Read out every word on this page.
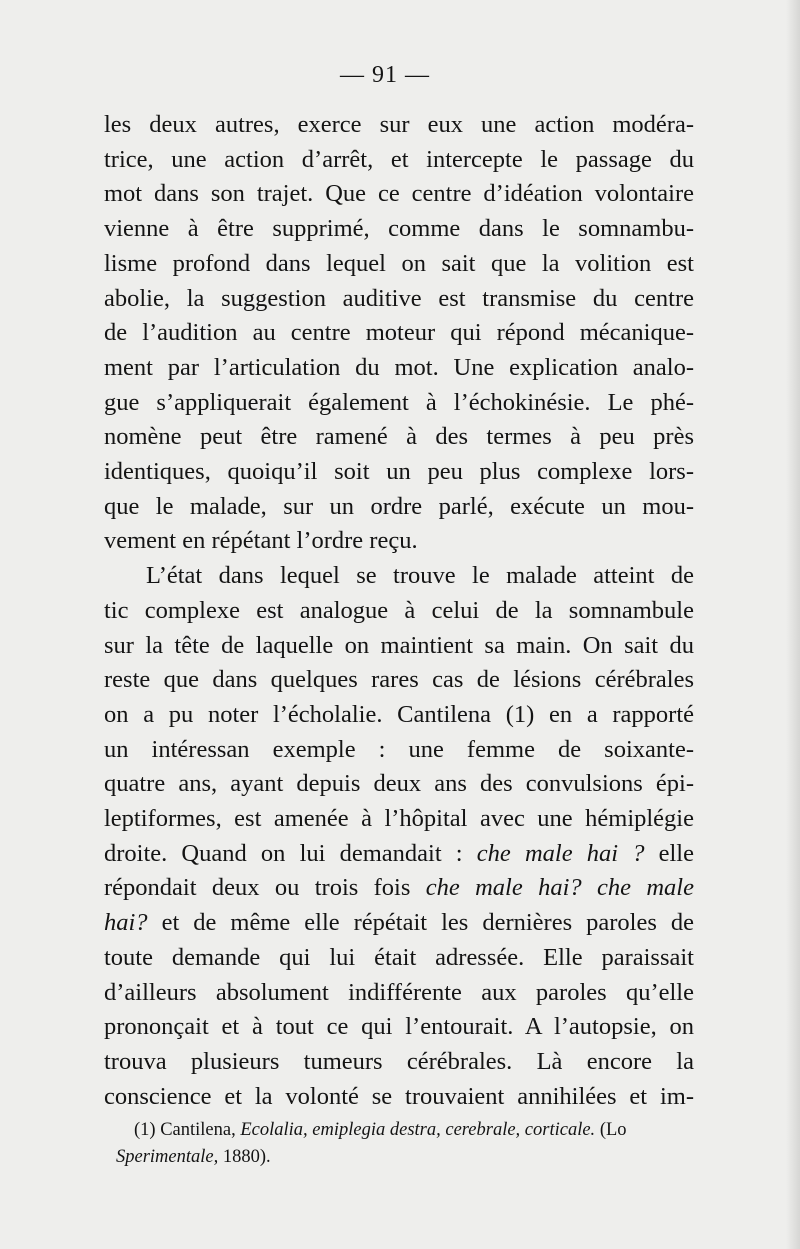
— 91 —
les deux autres, exerce sur eux une action modéra-
trice, une action d’arrêt, et intercepte le passage du
mot dans son trajet. Que ce centre d’idéation volontaire
vienne à être supprimé, comme dans le somnambu-
lisme profond dans lequel on sait que la volition est
abolie, la suggestion auditive est transmise du centre
de l’audition au centre moteur qui répond mécanique-
ment par l’articulation du mot. Une explication analo-
gue s’appliquerait également à l’échokinésie. Le phé-
nomène peut être ramené à des termes à peu près
identiques, quoiqu’il soit un peu plus complexe lors-
que le malade, sur un ordre parlé, exécute un mou-
vement en répétant l’ordre reçu.
L’état dans lequel se trouve le malade atteint de
tic complexe est analogue à celui de la somnambule
sur la tête de laquelle on maintient sa main. On sait du
reste que dans quelques rares cas de lésions cérébrales
on a pu noter l’écholalie. Cantilena (1) en a rapporté
un intéressan exemple : une femme de soixante-
quatre ans, ayant depuis deux ans des convulsions épi-
leptiformes, est amenée à l’hôpital avec une hémiplégie
droite. Quand on lui demandait : che male hai ? elle
répondait deux ou trois fois che male hai? che male
hai? et de même elle répétait les dernières paroles de
toute demande qui lui était adressée. Elle paraissait
d’ailleurs absolument indifférente aux paroles qu’elle
prononçait et à tout ce qui l’entourait. A l’autopsie, on
trouva plusieurs tumeurs cérébrales. Là encore la
conscience et la volonté se trouvaient annihilées et im-
(1) Cantilena, Ecolalia, emiplegia destra, cerebrale, corticale. (Lo
Sperimentale, 1880).
